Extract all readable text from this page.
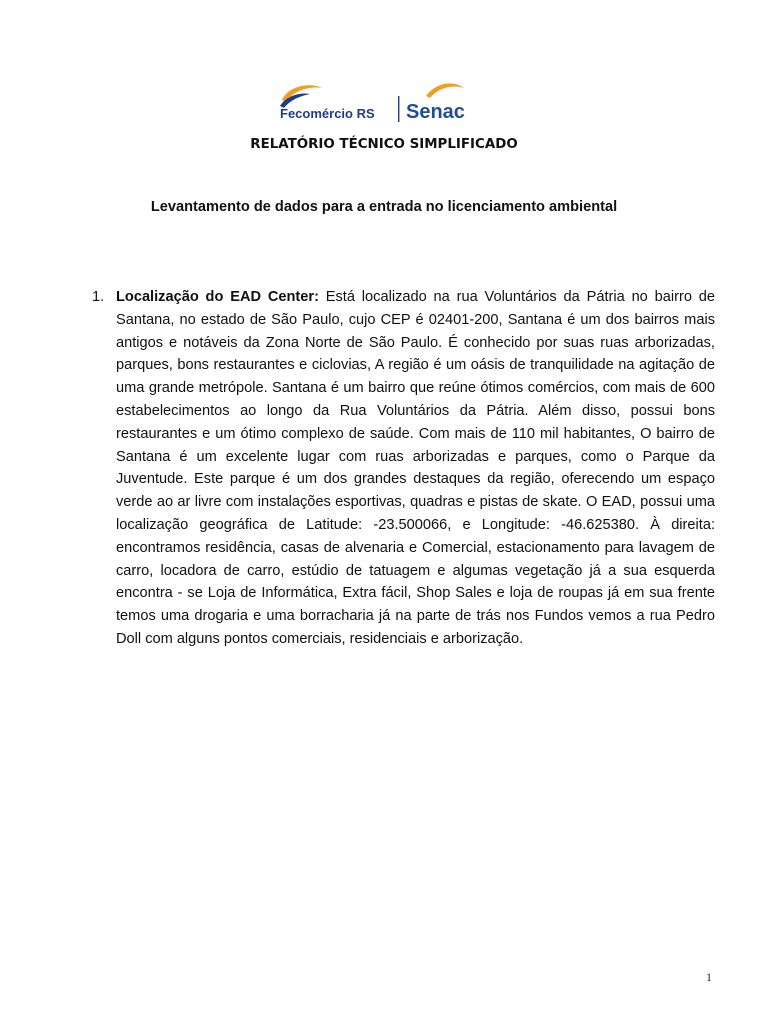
Fecomércio RS Senac
RELATÓRIO TÉCNICO SIMPLIFICADO
Levantamento de dados para a entrada no licenciamento ambiental
1. Localização do EAD Center: Está localizado na rua Voluntários da Pátria no bairro de Santana, no estado de São Paulo, cujo CEP é 02401-200, Santana é um dos bairros mais antigos e notáveis da Zona Norte de São Paulo. É conhecido por suas ruas arborizadas, parques, bons restaurantes e ciclovias, A região é um oásis de tranquilidade na agitação de uma grande metrópole. Santana é um bairro que reúne ótimos comércios, com mais de 600 estabelecimentos ao longo da Rua Voluntários da Pátria. Além disso, possui bons restaurantes e um ótimo complexo de saúde. Com mais de 110 mil habitantes, O bairro de Santana é um excelente lugar com ruas arborizadas e parques, como o Parque da Juventude. Este parque é um dos grandes destaques da região, oferecendo um espaço verde ao ar livre com instalações esportivas, quadras e pistas de skate. O EAD, possui uma localização geográfica de Latitude: -23.500066, e Longitude: -46.625380. À direita: encontramos residência, casas de alvenaria e Comercial, estacionamento para lavagem de carro, locadora de carro, estúdio de tatuagem e algumas vegetação já a sua esquerda encontra - se Loja de Informática, Extra fácil, Shop Sales e loja de roupas já em sua frente temos uma drogaria e uma borracharia já na parte de trás nos Fundos vemos a rua Pedro Doll com alguns pontos comerciais, residenciais e arborização.
1
